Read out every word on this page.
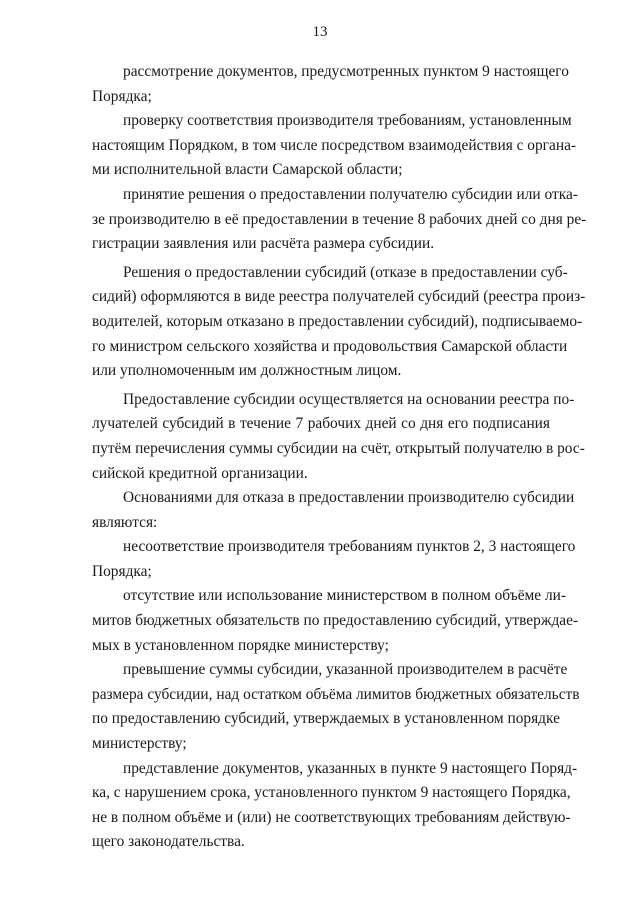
13
рассмотрение документов, предусмотренных пунктом 9 настоящего
Порядка;
проверку соответствия производителя требованиям, установленным
настоящим Порядком, в том числе посредством взаимодействия с органа-
ми исполнительной власти Самарской области;
принятие решения о предоставлении получателю субсидии или отка-
зе производителю в её предоставлении в течение 8 рабочих дней со дня ре-
гистрации заявления или расчёта размера субсидии.
Решения о предоставлении субсидий (отказе в предоставлении суб-
сидий) оформляются в виде реестра получателей субсидий (реестра произ-
водителей, которым отказано в предоставлении субсидий), подписываемо-
го министром сельского хозяйства и продовольствия Самарской области
или уполномоченным им должностным лицом.
Предоставление субсидии осуществляется на основании реестра по-
лучателей субсидий в течение 7 рабочих дней со дня его подписания
путём перечисления суммы субсидии на счёт, открытый получателю в рос-
сийской кредитной организации.
Основаниями для отказа в предоставлении производителю субсидии
являются:
несоответствие производителя требованиям пунктов 2, 3 настоящего
Порядка;
отсутствие или использование министерством в полном объёме ли-
митов бюджетных обязательств по предоставлению субсидий, утверждае-
мых в установленном порядке министерству;
превышение суммы субсидии, указанной производителем в расчёте
размера субсидии, над остатком объёма лимитов бюджетных обязательств
по предоставлению субсидий, утверждаемых в установленном порядке
министерству;
представление документов, указанных в пункте 9 настоящего Поряд-
ка, с нарушением срока, установленного пунктом 9 настоящего Порядка,
не в полном объёме и (или) не соответствующих требованиям действую-
щего законодательства.
